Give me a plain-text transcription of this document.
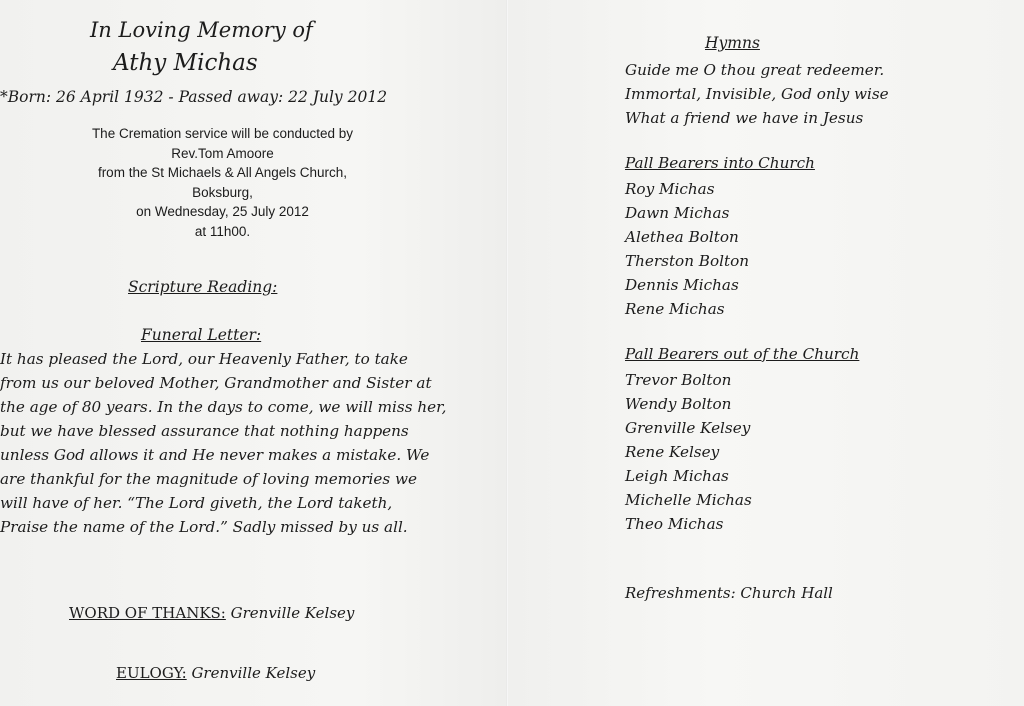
In Loving Memory of
Athy Michas
*Born: 26 April 1932 - Passed away: 22 July 2012
The Cremation service will be conducted by
Rev.Tom Amoore
from the St Michaels & All Angels Church,
Boksburg,
on Wednesday, 25 July 2012
at 11h00.
Scripture Reading:
Funeral Letter:
It has pleased the Lord, our Heavenly Father, to take
from us our beloved Mother, Grandmother and Sister at
the age of 80 years. In the days to come, we will miss her,
but we have blessed assurance that nothing happens
unless God allows it and He never makes a mistake. We
are thankful for the magnitude of loving memories we
will have of her. “The Lord giveth, the Lord taketh,
Praise the name of the Lord.” Sadly missed by us all.
WORD OF THANKS: Grenville Kelsey
EULOGY: Grenville Kelsey
Hymns
Guide me O thou great redeemer.
Immortal, Invisible, God only wise
What a friend we have in Jesus
Pall Bearers into Church
Roy Michas
Dawn Michas
Alethea Bolton
Therston Bolton
Dennis Michas
Rene Michas
Pall Bearers out of the Church
Trevor Bolton
Wendy Bolton
Grenville Kelsey
Rene Kelsey
Leigh Michas
Michelle Michas
Theo Michas
Refreshments: Church Hall
